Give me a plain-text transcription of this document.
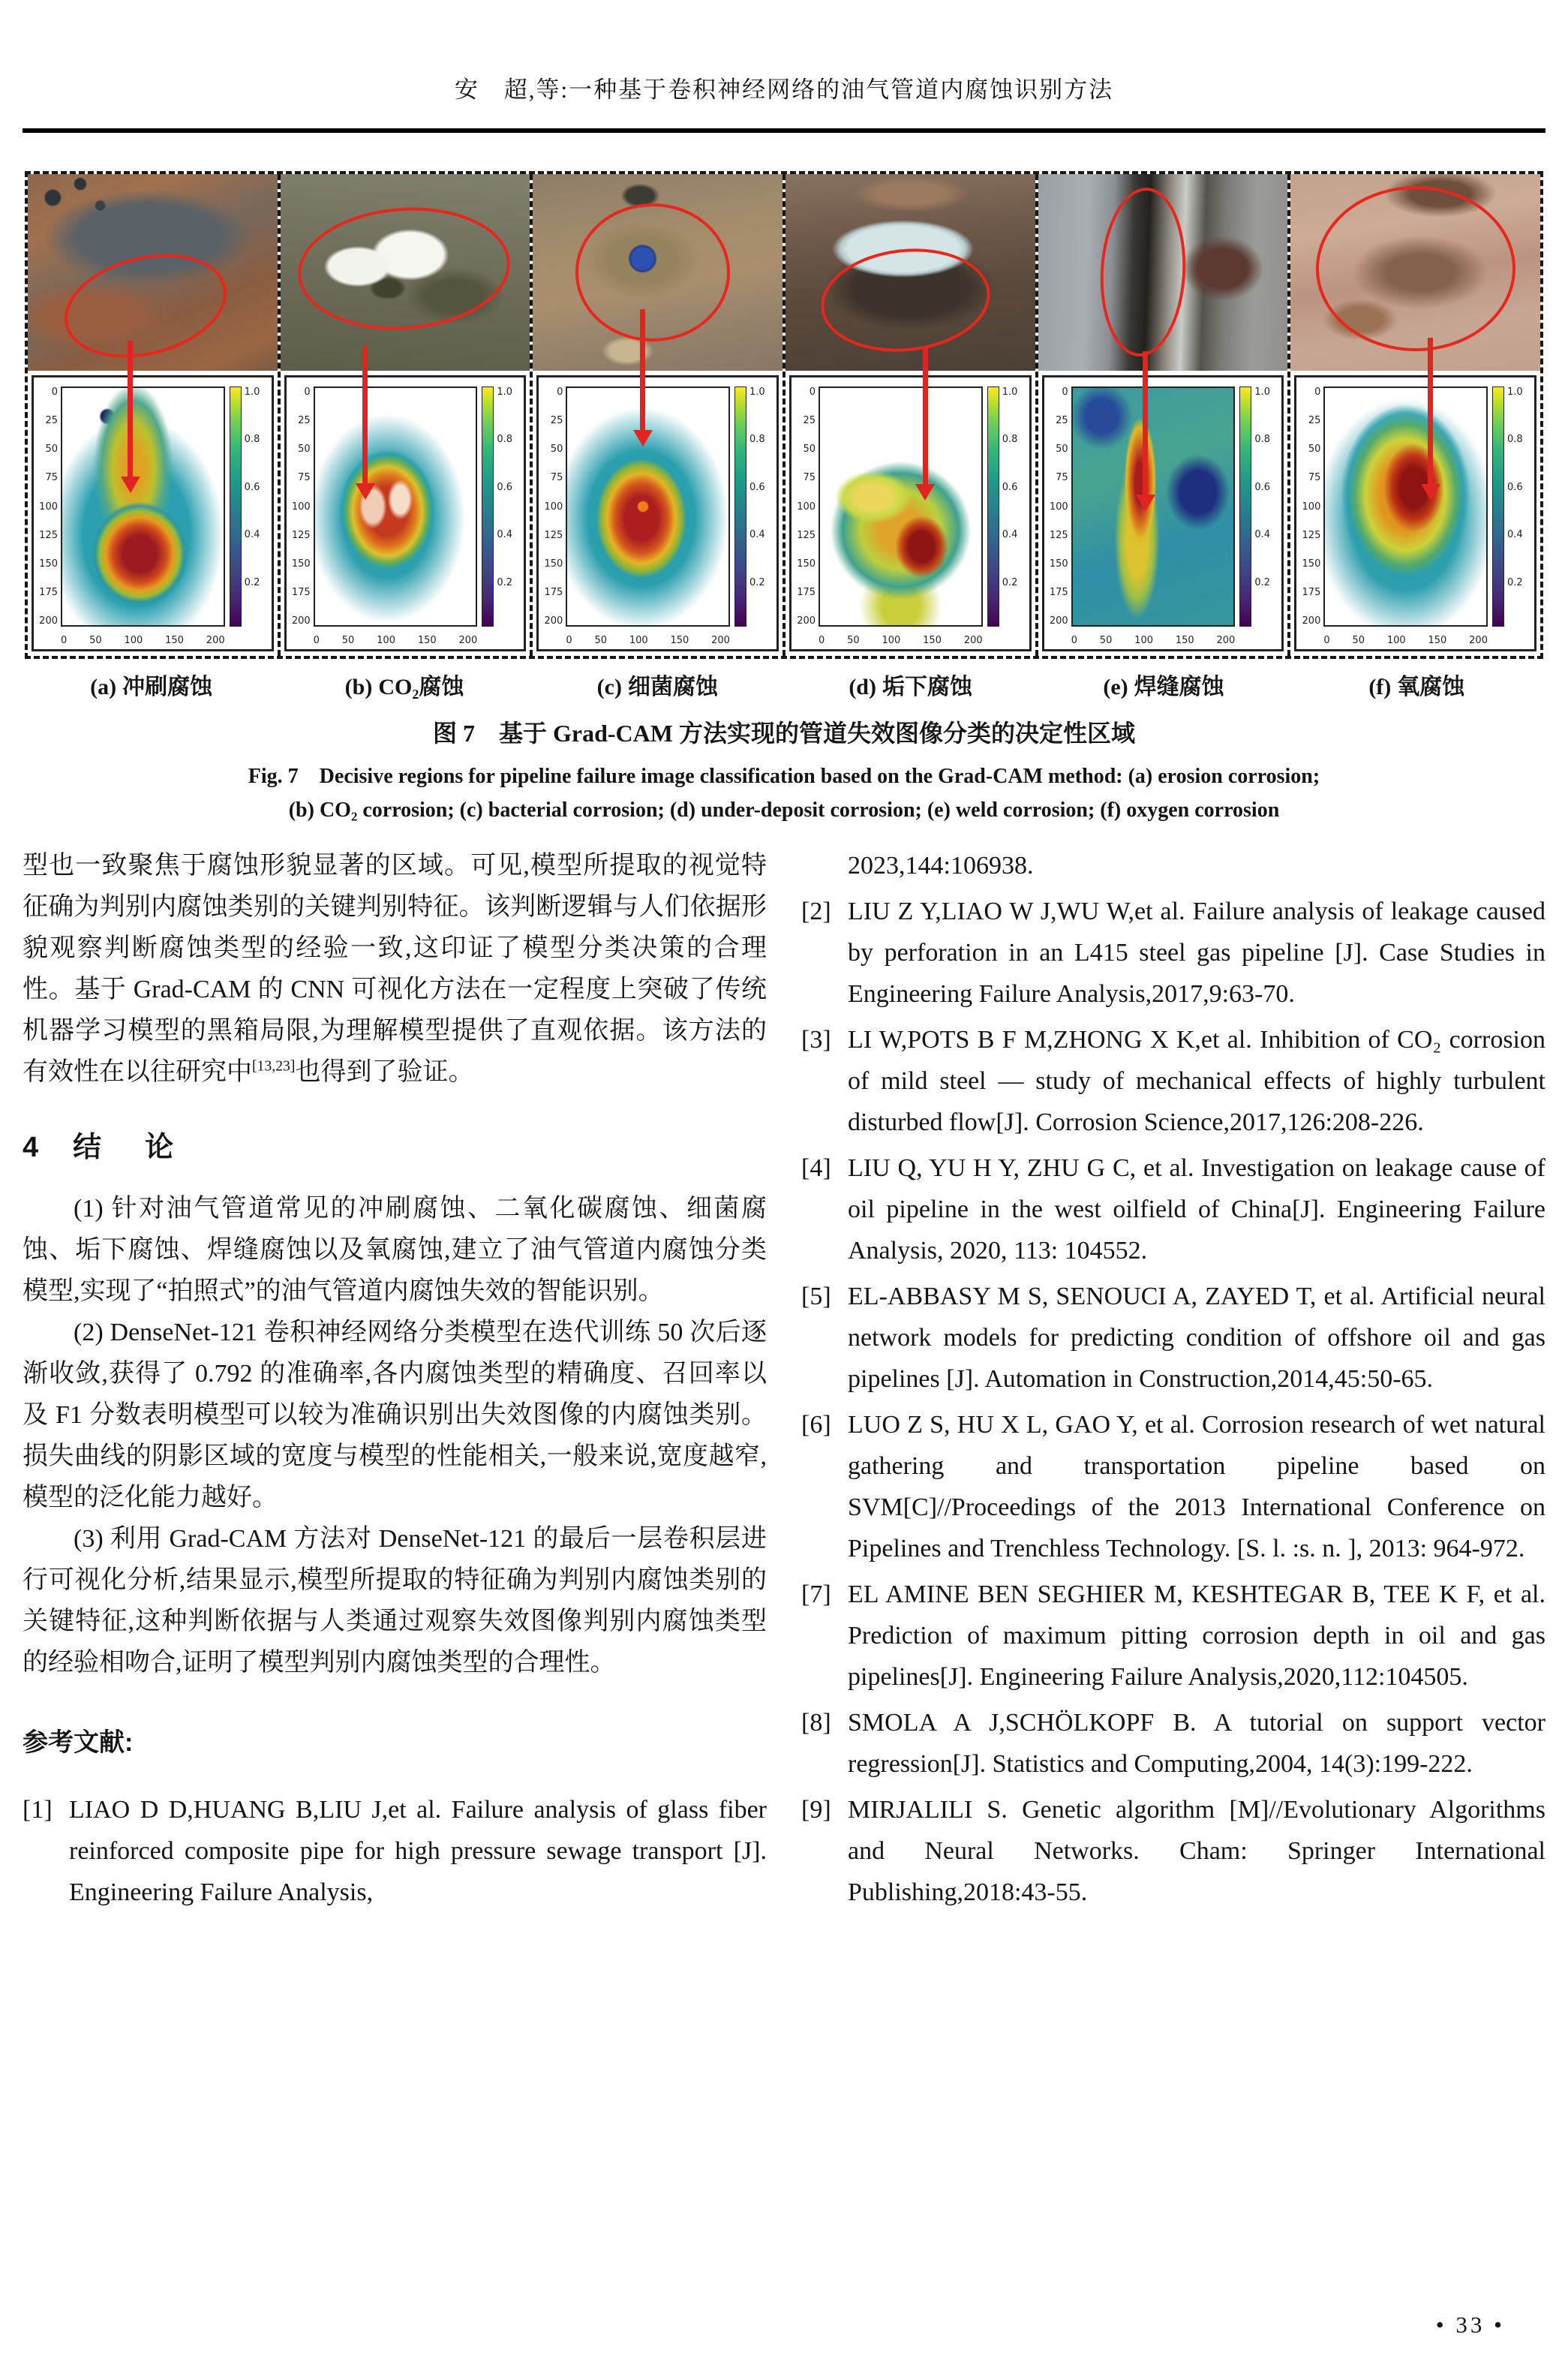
安　超,等:一种基于卷积神经网络的油气管道内腐蚀识别方法
0
25
50
75
100
125
150
175
200
1.0
0.8
0.6
0.4
0.2
0 50 100 150 200
0
25
50
75
100
125
150
175
200
1.0
0.8
0.6
0.4
0.2
0 50 100 150 200
0
25
50
75
100
125
150
175
200
1.0
0.8
0.6
0.4
0.2
0 50 100 150 200
0
25
50
75
100
125
150
175
200
1.0
0.8
0.6
0.4
0.2
0 50 100 150 200
0
25
50
75
100
125
150
175
200
1.0
0.8
0.6
0.4
0.2
0 50 100 150 200
0
25
50
75
100
125
150
175
200
1.0
0.8
0.6
0.4
0.2
0 50 100 150 200
(a) 冲刷腐蚀	(b) CO₂腐蚀	(c) 细菌腐蚀	(d) 垢下腐蚀	(e) 焊缝腐蚀	(f) 氧腐蚀
图 7　基于 Grad-CAM 方法实现的管道失效图像分类的决定性区域
Fig. 7　Decisive regions for pipeline failure image classification based on the Grad-CAM method: (a) erosion corrosion;
(b) CO₂ corrosion; (c) bacterial corrosion; (d) under-deposit corrosion; (e) weld corrosion; (f) oxygen corrosion

型也一致聚焦于腐蚀形貌显著的区域。可见,模型所提取的视觉特征确为判别内腐蚀类别的关键判别特征。该判断逻辑与人们依据形貌观察判断腐蚀类型的经验一致,这印证了模型分类决策的合理性。基于 Grad-CAM 的 CNN 可视化方法在一定程度上突破了传统机器学习模型的黑箱局限,为理解模型提供了直观依据。该方法的有效性在以往研究中[13,23]也得到了验证。

4 结　论

(1) 针对油气管道常见的冲刷腐蚀、二氧化碳腐蚀、细菌腐蚀、垢下腐蚀、焊缝腐蚀以及氧腐蚀,建立了油气管道内腐蚀分类模型,实现了“拍照式”的油气管道内腐蚀失效的智能识别。

(2) DenseNet-121 卷积神经网络分类模型在迭代训练 50 次后逐渐收敛,获得了 0.792 的准确率,各内腐蚀类型的精确度、召回率以及 F1 分数表明模型可以较为准确识别出失效图像的内腐蚀类别。损失曲线的阴影区域的宽度与模型的性能相关,一般来说,宽度越窄,模型的泛化能力越好。

(3) 利用 Grad-CAM 方法对 DenseNet-121 的最后一层卷积层进行可视化分析,结果显示,模型所提取的特征确为判别内腐蚀类别的关键特征,这种判断依据与人类通过观察失效图像判别内腐蚀类型的经验相吻合,证明了模型判别内腐蚀类型的合理性。

参考文献:
[1] LIAO D D,HUANG B,LIU J,et al. Failure analysis of glass fiber reinforced composite pipe for high pressure sewage transport [J]. Engineering Failure Analysis,
2023,144:106938.
[2] LIU Z Y,LIAO W J,WU W,et al. Failure analysis of leakage caused by perforation in an L415 steel gas pipeline [J]. Case Studies in Engineering Failure Analysis,2017,9:63-70.
[3] LI W,POTS B F M,ZHONG X K,et al. Inhibition of CO₂ corrosion of mild steel — study of mechanical effects of highly turbulent disturbed flow[J]. Corrosion Science,2017,126:208-226.
[4] LIU Q, YU H Y, ZHU G C, et al. Investigation on leakage cause of oil pipeline in the west oilfield of China[J]. Engineering Failure Analysis, 2020, 113: 104552.
[5] EL-ABBASY M S, SENOUCI A, ZAYED T, et al. Artificial neural network models for predicting condition of offshore oil and gas pipelines [J]. Automation in Construction,2014,45:50-65.
[6] LUO Z S, HU X L, GAO Y, et al. Corrosion research of wet natural gathering and transportation pipeline based on SVM[C]//Proceedings of the 2013 International Conference on Pipelines and Trenchless Technology. [S. l. :s. n. ], 2013: 964-972.
[7] EL AMINE BEN SEGHIER M, KESHTEGAR B, TEE K F, et al. Prediction of maximum pitting corrosion depth in oil and gas pipelines[J]. Engineering Failure Analysis,2020,112:104505.
[8] SMOLA A J,SCHÖLKOPF B. A tutorial on support vector regression[J]. Statistics and Computing,2004, 14(3):199-222.
[9] MIRJALILI S. Genetic algorithm [M]//Evolutionary Algorithms and Neural Networks. Cham: Springer International Publishing,2018:43-55.
• 33 •
